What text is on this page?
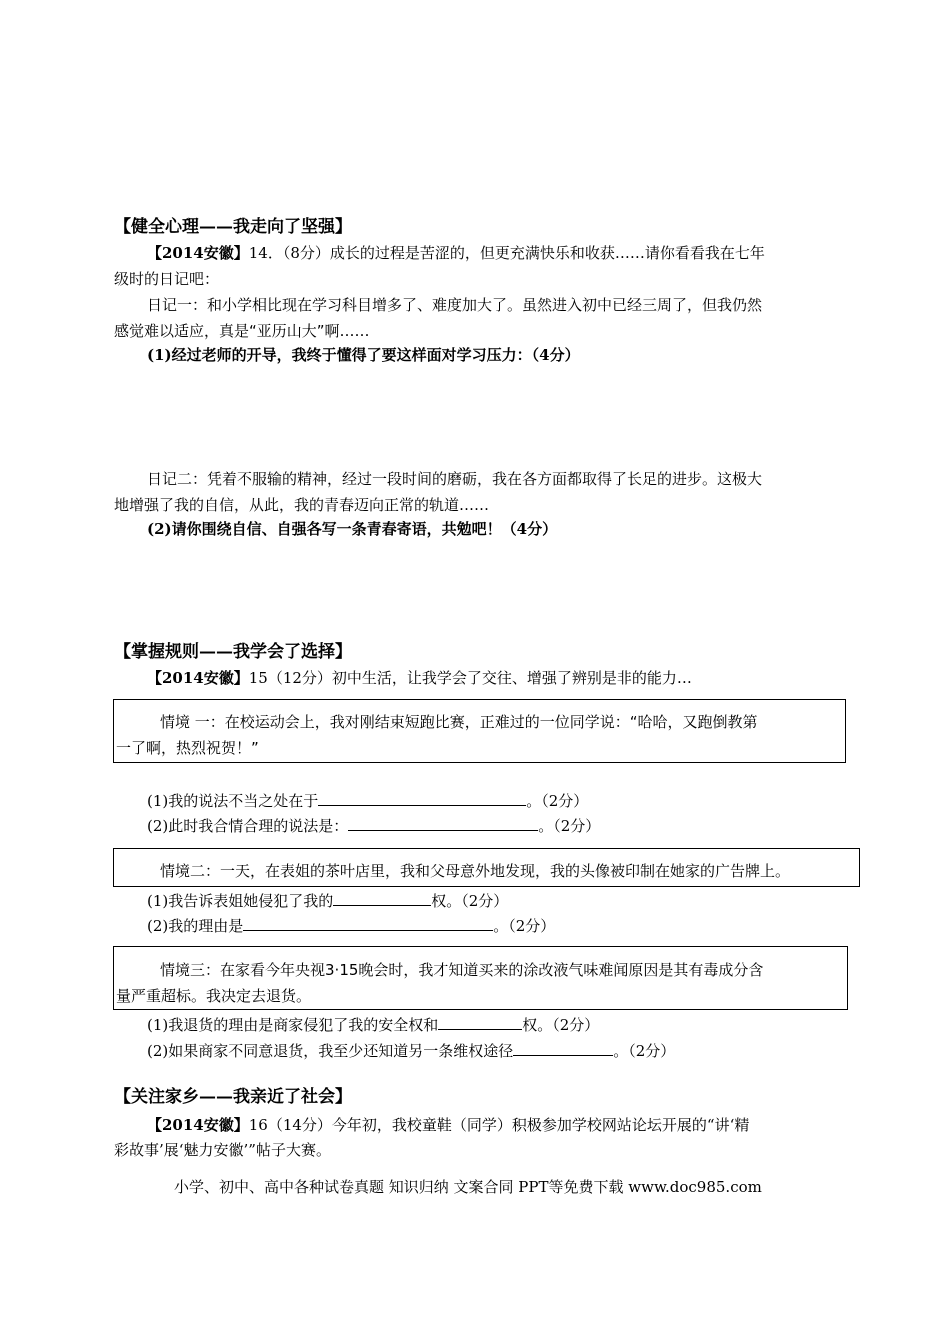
【健全心理——我走向了坚强】
【2014安徽】14．（8分）成长的过程是苦涩的，但更充满快乐和收获……请你看看我在七年
级时的日记吧：
日记一：和小学相比现在学习科目增多了、难度加大了。虽然进入初中已经三周了，但我仍然
感觉难以适应，真是“亚历山大”啊……
(1)经过老师的开导，我终于懂得了要这样面对学习压力：（4分）
日记二：凭着不服输的精神，经过一段时间的磨砺，我在各方面都取得了长足的进步。这极大
地增强了我的自信，从此，我的青春迈向正常的轨道……
(2)请你围绕自信、自强各写一条青春寄语，共勉吧！（4分）
【掌握规则——我学会了选择】
【2014安徽】15（12分）初中生活，让我学会了交往、增强了辨别是非的能力…
情境 一：在校运动会上，我对刚结束短跑比赛，正难过的一位同学说：“哈哈，又跑倒教第
一了啊，热烈祝贺！”
(1)我的说法不当之处在于	。（2分）
(2)此时我合情合理的说法是：	。（2分）
情境二：一天，在表姐的茶叶店里，我和父母意外地发现，我的头像被印制在她家的广告牌上。
(1)我告诉表姐她侵犯了我的	权。（2分）
(2)我的理由是	。（2分）
情境三：在家看今年央视3·15晚会时，我才知道买来的涂改液气味难闻原因是其有毒成分含
量严重超标。我决定去退货。
(1)我退货的理由是商家侵犯了我的安全权和	权。（2分）
(2)如果商家不同意退货，我至少还知道另一条维权途径	。（2分）
【关注家乡——我亲近了社会】
【2014安徽】16（14分）今年初，我校童鞋（同学）积极参加学校网站论坛开展的“讲‘精
彩故事’展‘魅力安徽’”帖子大赛。
小学、初中、高中各种试卷真题 知识归纳 文案合同 PPT等免费下载 www.doc985.com
